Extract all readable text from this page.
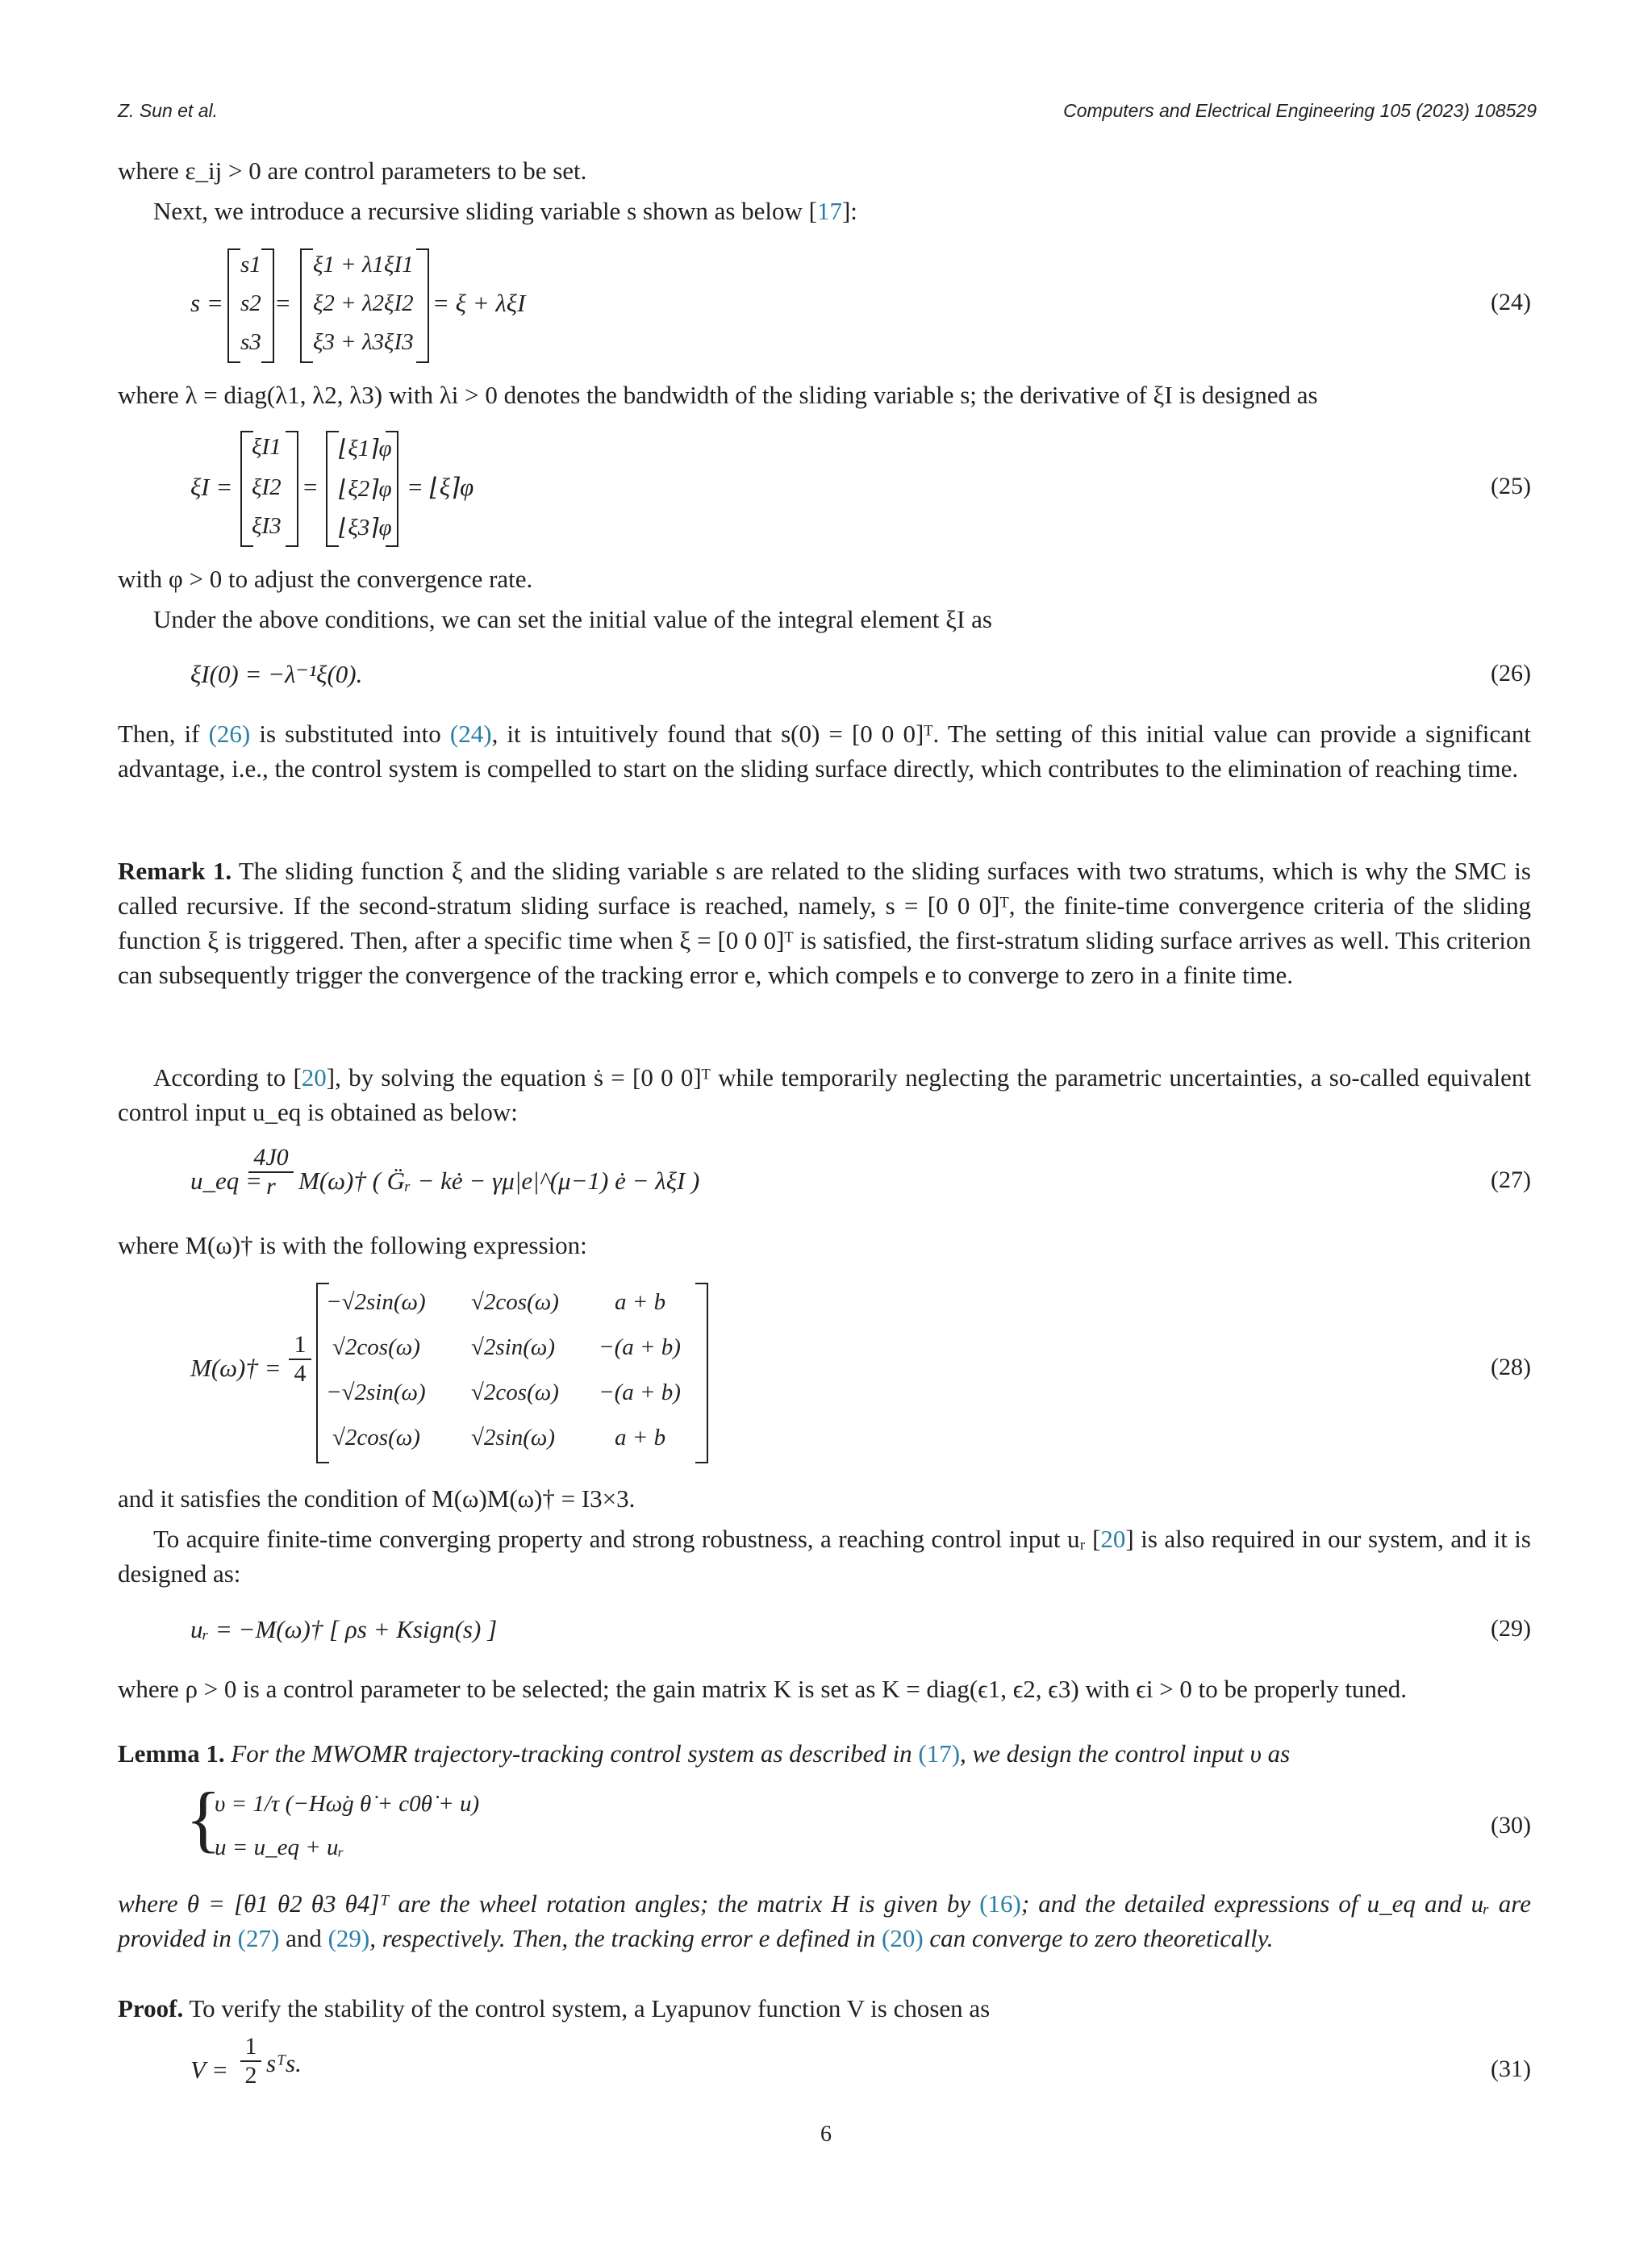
Z. Sun et al.	Computers and Electrical Engineering 105 (2023) 108529
where ε_ij > 0 are control parameters to be set.
Next, we introduce a recursive sliding variable s shown as below [17]:
s =
s1
s2
s3
=
ξ1 + λ1ξI1
ξ2 + λ2ξI2
ξ3 + λ3ξI3
= ξ + λξI	(24)
where λ = diag(λ1, λ2, λ3) with λi > 0 denotes the bandwidth of the sliding variable s; the derivative of ξI is designed as
ξ̇I =
ξ̇I1
ξ̇I2
ξ̇I3
=
⌊ξ1⌉φ
⌊ξ2⌉φ
⌊ξ3⌉φ
= ⌊ξ⌉φ	(25)
with φ > 0 to adjust the convergence rate.
Under the above conditions, we can set the initial value of the integral element ξI as
ξI(0) = −λ⁻¹ξ(0).	(26)
Then, if (26) is substituted into (24), it is intuitively found that s(0) = [0 0 0]ᵀ. The setting of this initial value can provide a significant advantage, i.e., the control system is compelled to start on the sliding surface directly, which contributes to the elimination of reaching time.
Remark 1. The sliding function ξ and the sliding variable s are related to the sliding surfaces with two stratums, which is why the SMC is called recursive. If the second-stratum sliding surface is reached, namely, s = [0 0 0]ᵀ, the finite-time convergence criteria of the sliding function ξ is triggered. Then, after a specific time when ξ = [0 0 0]ᵀ is satisfied, the first-stratum sliding surface arrives as well. This criterion can subsequently trigger the convergence of the tracking error e, which compels e to converge to zero in a finite time.
According to [20], by solving the equation ṡ = [0 0 0]ᵀ while temporarily neglecting the parametric uncertainties, a so-called equivalent control input u_eq is obtained as below:
u_eq =
$\frac{4J0}{r}$ M(ω)† ( G̈ᵣ − kė − γμ|e|^(μ−1) ė − λξ̇I )	(27)
where M(ω)† is with the following expression:
M(ω)† = $\frac{1}{4}$
−√2sin(ω) √2cos(ω) a + b
√2cos(ω) √2sin(ω) −(a + b)
−√2sin(ω) √2cos(ω) −(a + b)
√2cos(ω) √2sin(ω)	a + b
(28)
and it satisfies the condition of M(ω)M(ω)† = I3×3.
To acquire finite-time converging property and strong robustness, a reaching control input uᵣ [20] is also required in our system, and it is designed as:
uᵣ = −M(ω)† [ ρs + Ksign(s) ]	(29)
where ρ > 0 is a control parameter to be selected; the gain matrix K is set as K = diag(ϵ1, ϵ2, ϵ3) with ϵi > 0 to be properly tuned.
Lemma 1. For the MWOMR trajectory-tracking control system as described in (17), we design the control input υ as
{
υ = 1/τ (−Hω̇g θ̇ + c0θ̇ + u)
u = u_eq + uᵣ
(30)
where θ = [θ1 θ2 θ3 θ4]ᵀ are the wheel rotation angles; the matrix H is given by (16); and the detailed expressions of u_eq and uᵣ are provided in (27) and (29), respectively. Then, the tracking error e defined in (20) can converge to zero theoretically.
Proof. To verify the stability of the control system, a Lyapunov function V is chosen as
$V = \frac{1}{2}$ sᵀs.	(31)
6
